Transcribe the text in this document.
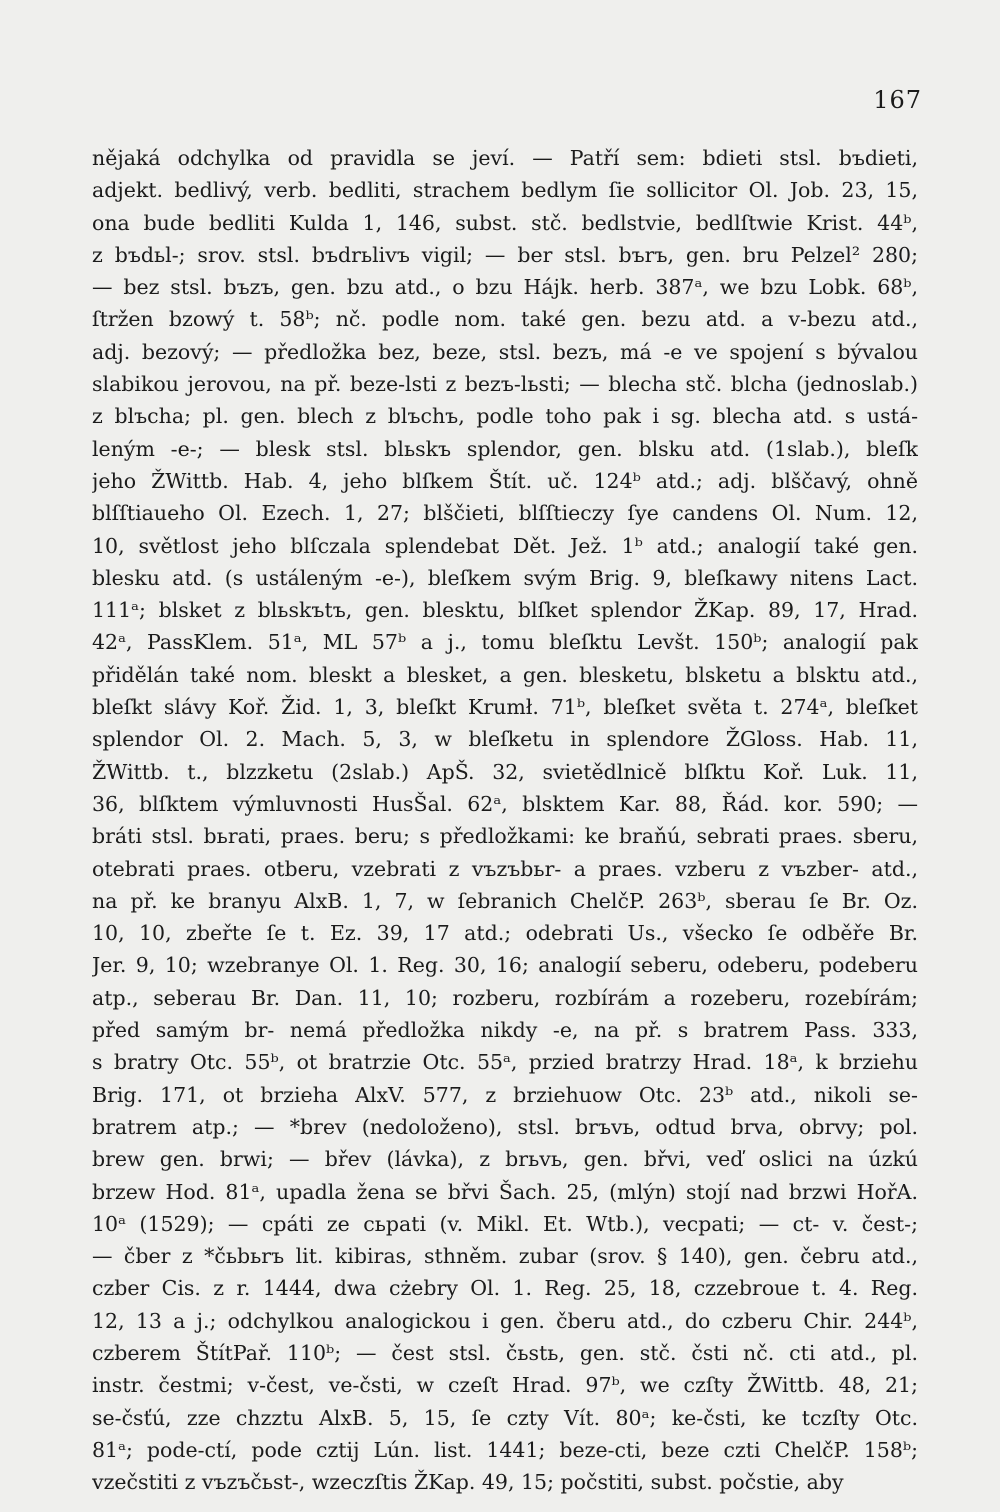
167
nějaká odchylka od pravidla se jeví. — Patří sem: bdieti stsl. bъdieti,
adjekt. bedlivý, verb. bedliti, strachem bedlym ſie sollicitor Ol. Job. 23, 15,
ona bude bedliti Kulda 1, 146, subst. stč. bedlstvie, bedlſtwie Krist. 44ᵇ,
z bъdьl-; srov. stsl. bъdrьlivъ vigil; — ber stsl. bъrъ, gen. bru Pelzel² 280;
— bez stsl. bъzъ, gen. bzu atd., o bzu Hájk. herb. 387ᵃ, we bzu Lobk. 68ᵇ,
ſtržen bzowý t. 58ᵇ; nč. podle nom. také gen. bezu atd. a v-bezu atd.,
adj. bezový; — předložka bez, beze, stsl. bezъ, má -e ve spojení s bývalou
slabikou jerovou, na př. beze-lsti z bezъ-lьsti; — blecha stč. blcha (jednoslab.)
z blъcha; pl. gen. blech z blъchъ, podle toho pak i sg. blecha atd. s ustá-
leným -e-; — blesk stsl. blьskъ splendor, gen. blsku atd. (1slab.), bleſk
jeho ŽWittb. Hab. 4, jeho blſkem Štít. uč. 124ᵇ atd.; adj. blščavý, ohně
blſſtiaueho Ol. Ezech. 1, 27; blščieti, blſſtieczy ſye candens Ol. Num. 12,
10, světlost jeho blſczala splendebat Dět. Jež. 1ᵇ atd.; analogií také gen.
blesku atd. (s ustáleným -e-), bleſkem svým Brig. 9, bleſkawy nitens Lact.
111ᵃ; blsket z blьskъtъ, gen. blesktu, blſket splendor ŽKap. 89, 17, Hrad.
42ᵃ, PassKlem. 51ᵃ, ML 57ᵇ a j., tomu bleſktu Levšt. 150ᵇ; analogií pak
přidělán také nom. bleskt a blesket, a gen. blesketu, blsketu a blsktu atd.,
bleſkt slávy Koř. Žid. 1, 3, bleſkt Krumł. 71ᵇ, bleſket světa t. 274ᵃ, bleſket
splendor Ol. 2. Mach. 5, 3, w bleſketu in splendore ŽGloss. Hab. 11,
ŽWittb. t., blzzketu (2slab.) ApŠ. 32, svietědlnicě blſktu Koř. Luk. 11,
36, blſktem výmluvnosti HusŠal. 62ᵃ, blsktem Kar. 88, Řád. kor. 590; —
bráti stsl. bьrati, praes. beru; s předložkami: ke braňú, sebrati praes. sberu,
otebrati praes. otberu, vzebrati z vъzъbьr- a praes. vzberu z vъzber- atd.,
na př. ke branyu AlxB. 1, 7, w ſebranich ChelčP. 263ᵇ, sberau ſe Br. Oz.
10, 10, zbeřte ſe t. Ez. 39, 17 atd.; odebrati Us., všecko ſe odběře Br.
Jer. 9, 10; wzebranye Ol. 1. Reg. 30, 16; analogií seberu, odeberu, podeberu
atp., seberau Br. Dan. 11, 10; rozberu, rozbírám a rozeberu, rozebírám;
před samým br- nemá předložka nikdy -e, na př. s bratrem Pass. 333,
s bratry Otc. 55ᵇ, ot bratrzie Otc. 55ᵃ, przied bratrzy Hrad. 18ᵃ, k brziehu
Brig. 171, ot brzieha AlxV. 577, z brziehuow Otc. 23ᵇ atd., nikoli se-
bratrem atp.; — *brev (nedoloženo), stsl. brъvь, odtud brva, obrvy; pol.
brew gen. brwi; — břev (lávka), z brьvь, gen. břvi, veď oslici na úzkú
brzew Hod. 81ᵃ, upadla žena se břvi Šach. 25, (mlýn) stojí nad brzwi HořA.
10ᵃ (1529); — cpáti ze cьpati (v. Mikl. Et. Wtb.), vecpati; — ct- v. čest-;
— čber z *čьbьrъ lit. kibiras, sthněm. zubar (srov. § 140), gen. čebru atd.,
czber Cis. z r. 1444, dwa cżebry Ol. 1. Reg. 25, 18, czzebroue t. 4. Reg.
12, 13 a j.; odchylkou analogickou i gen. čberu atd., do czberu Chir. 244ᵇ,
czberem ŠtítPař. 110ᵇ; — čest stsl. čьstь, gen. stč. čsti nč. cti atd., pl.
instr. čestmi; v-čest, ve-čsti, w czeſt Hrad. 97ᵇ, we czſty ŽWittb. 48, 21;
se-čsťú, zze chzztu AlxB. 5, 15, ſe czty Vít. 80ᵃ; ke-čsti, ke tczſty Otc.
81ᵃ; pode-ctí, pode cztij Lún. list. 1441; beze-cti, beze czti ChelčP. 158ᵇ;
vzečstiti z vъzъčьst-, wzeczſtis ŽKap. 49, 15; počstiti, subst. počstie, aby
